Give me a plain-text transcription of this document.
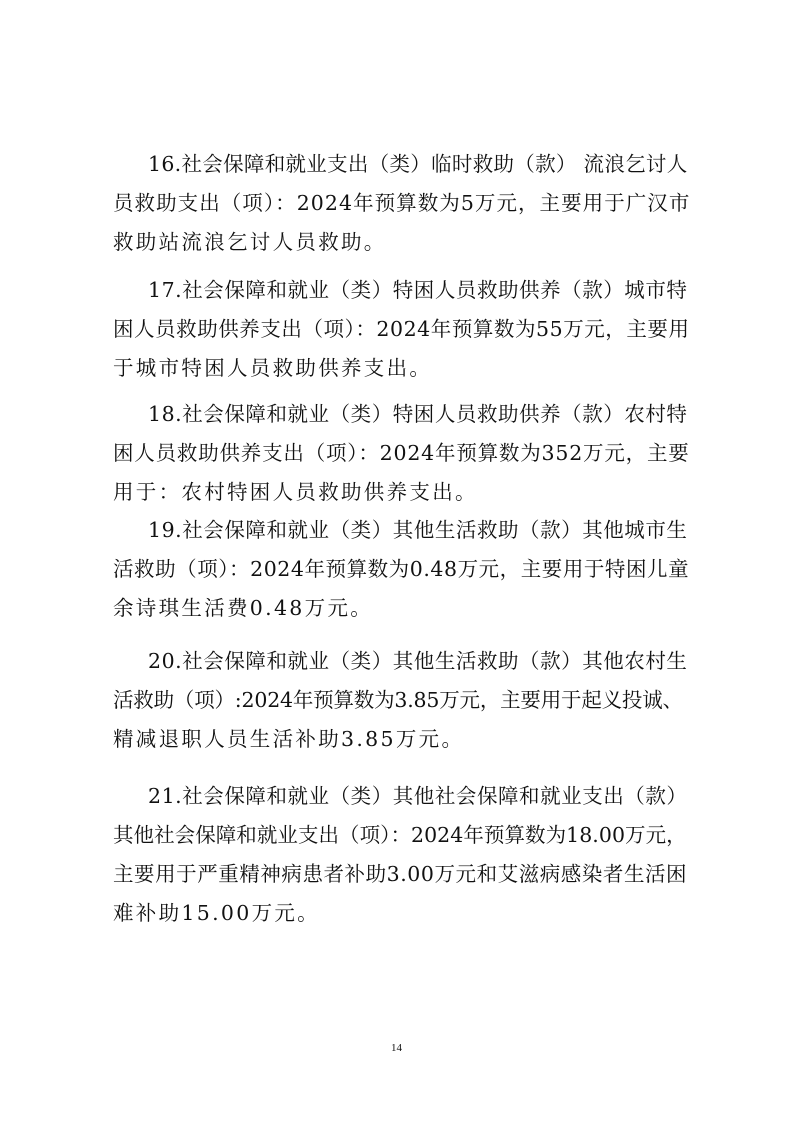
16.社会保障和就业支出（类）临时救助（款） 流浪乞讨人
员救助支出（项）：2024年预算数为5万元，主要用于广汉市
救助站流浪乞讨人员救助。
17.社会保障和就业（类）特困人员救助供养（款）城市特
困人员救助供养支出（项）：2024年预算数为55万元，主要用
于城市特困人员救助供养支出。
18.社会保障和就业（类）特困人员救助供养（款）农村特
困人员救助供养支出（项）：2024年预算数为352万元，主要
用于：农村特困人员救助供养支出。
19.社会保障和就业（类）其他生活救助（款）其他城市生
活救助（项）：2024年预算数为0.48万元，主要用于特困儿童
余诗琪生活费0.48万元。
20.社会保障和就业（类）其他生活救助（款）其他农村生
活救助（项）:2024年预算数为3.85万元，主要用于起义投诚、
精减退职人员生活补助3.85万元。
21.社会保障和就业（类）其他社会保障和就业支出（款）
其他社会保障和就业支出（项）：2024年预算数为18.00万元，
主要用于严重精神病患者补助3.00万元和艾滋病感染者生活困
难补助15.00万元。
14
